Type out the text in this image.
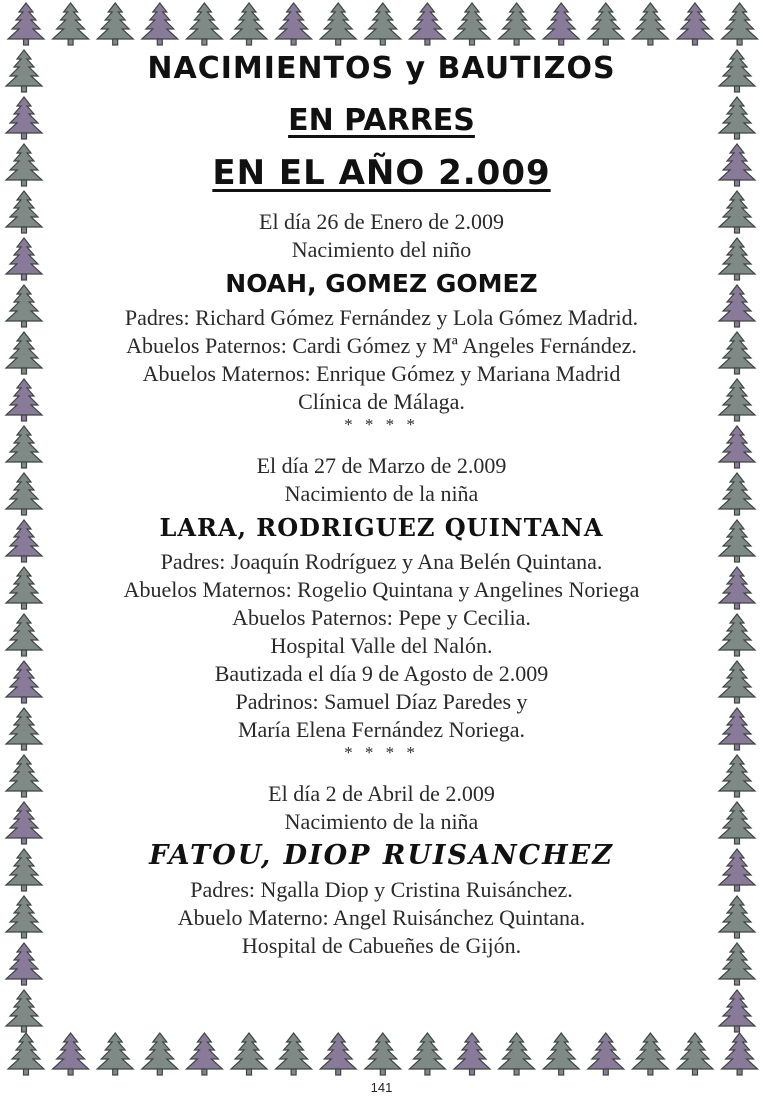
NACIMIENTOS y BAUTIZOS

EN PARRES

EN EL AÑO 2.009

El día 26 de Enero de 2.009
Nacimiento del niño
NOAH, GOMEZ GOMEZ
Padres: Richard Gómez Fernández y Lola Gómez Madrid.
Abuelos Paternos: Cardi Gómez y Mª Angeles Fernández.
Abuelos Maternos: Enrique Gómez y Mariana Madrid
Clínica de Málaga.
* * * *
El día 27 de Marzo de 2.009
Nacimiento de la niña
LARA, RODRIGUEZ QUINTANA
Padres: Joaquín Rodríguez y Ana Belén Quintana.
Abuelos Maternos: Rogelio Quintana y Angelines Noriega
Abuelos Paternos: Pepe y Cecilia.
Hospital Valle del Nalón.
Bautizada el día 9 de Agosto de 2.009
Padrinos: Samuel Díaz Paredes y
María Elena Fernández Noriega.
* * * *
El día 2 de Abril de 2.009
Nacimiento de la niña
FATOU, DIOP RUISANCHEZ
Padres: Ngalla Diop y Cristina Ruisánchez.
Abuelo Materno: Angel Ruisánchez Quintana.
Hospital de Cabueñes de Gijón.
141
